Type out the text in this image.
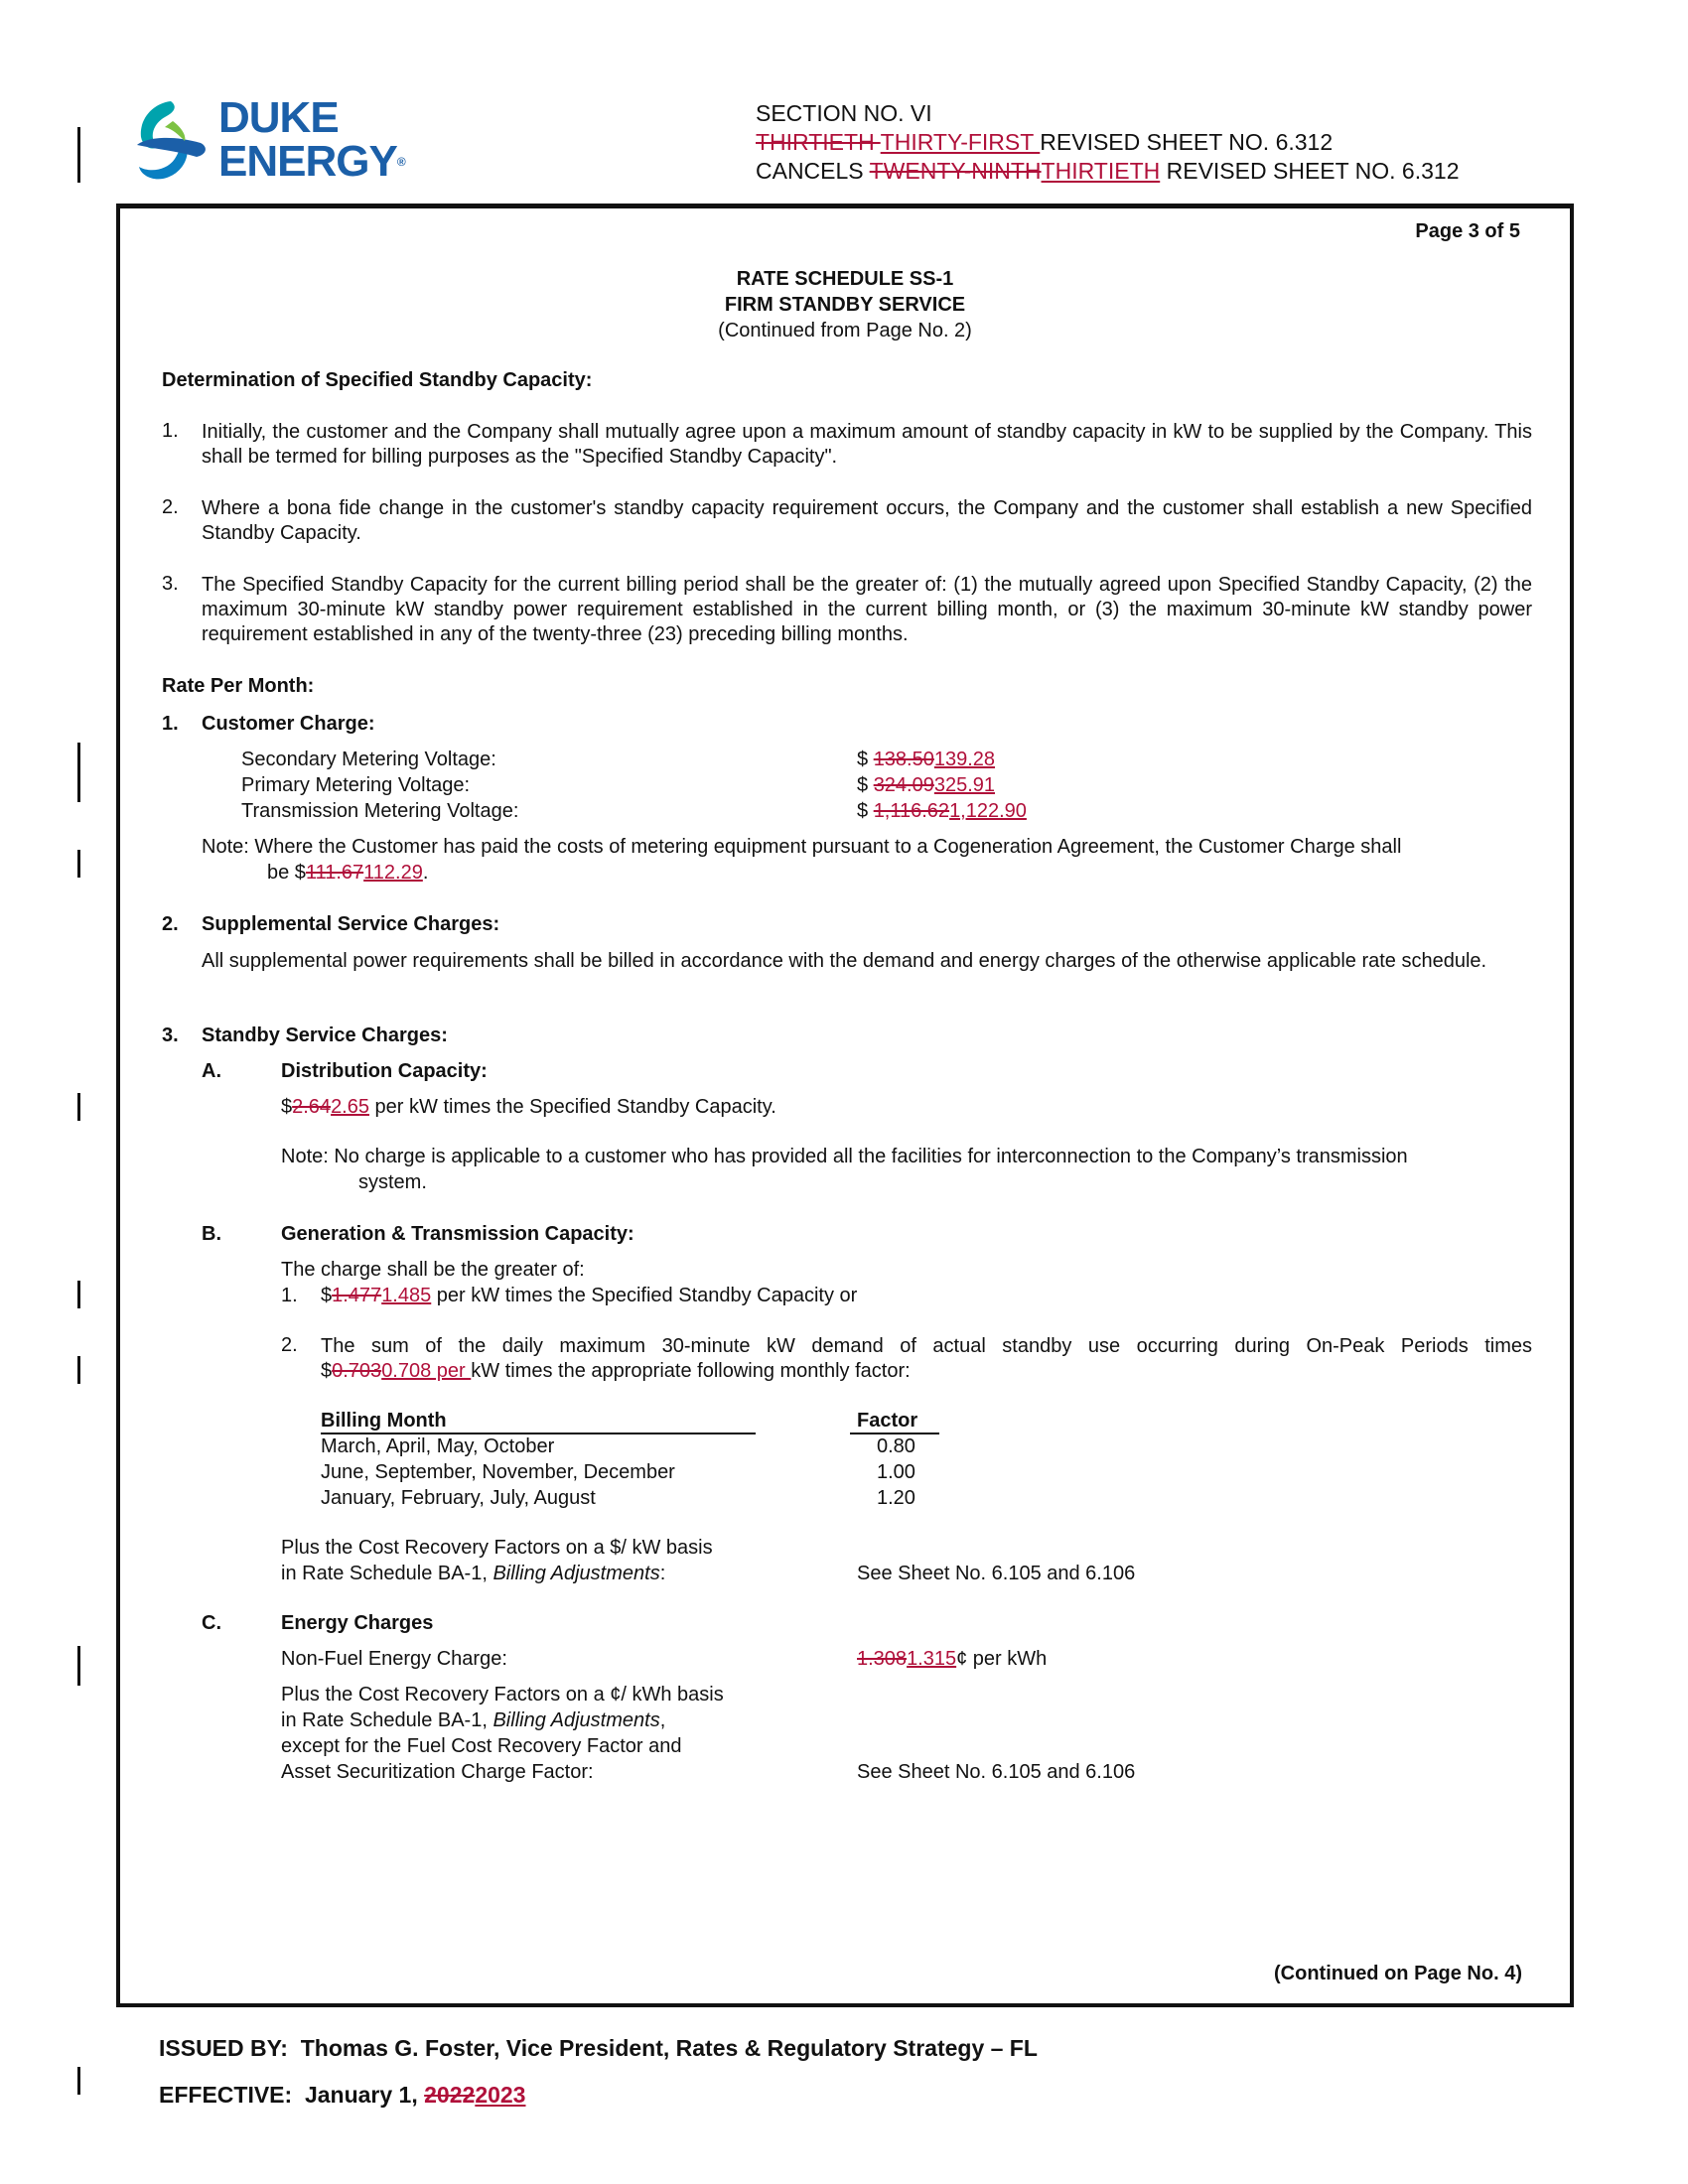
DUKE
ENERGY®
SECTION NO. VI
THIRTIETH THIRTY-FIRST REVISED SHEET NO. 6.312
CANCELS TWENTY-NINTHTHIRTIETH REVISED SHEET NO. 6.312
Page 3 of 5
RATE SCHEDULE SS-1
FIRM STANDBY SERVICE
(Continued from Page No. 2)
Determination of Specified Standby Capacity:
1. Initially, the customer and the Company shall mutually agree upon a maximum amount of standby capacity in kW to be supplied by the Company. This shall be termed for billing purposes as the "Specified Standby Capacity".

2. Where a bona fide change in the customer's standby capacity requirement occurs, the Company and the customer shall establish a new Specified Standby Capacity.

3. The Specified Standby Capacity for the current billing period shall be the greater of: (1) the mutually agreed upon Specified Standby Capacity, (2) the maximum 30-minute kW standby power requirement established in the current billing month, or (3) the maximum 30-minute kW standby power requirement established in any of the twenty-three (23) preceding billing months.

Rate Per Month:
1. Customer Charge:
Secondary Metering Voltage:	$ 138.50139.28
Primary Metering Voltage:	$ 324.09325.91
Transmission Metering Voltage:	$ 1,116.621,122.90
Note: Where the Customer has paid the costs of metering equipment pursuant to a Cogeneration Agreement, the Customer Charge shall
be $111.67112.29.
2. Supplemental Service Charges:

All supplemental power requirements shall be billed in accordance with the demand and energy charges of the otherwise applicable rate schedule.

3. Standby Service Charges:
A.	Distribution Capacity:
$2.642.65 per kW times the Specified Standby Capacity.
Note: No charge is applicable to a customer who has provided all the facilities for interconnection to the Company’s transmission
system.
B.	Generation & Transmission Capacity:
The charge shall be the greater of:
1. $1.4771.485 per kW times the Specified Standby Capacity or
2. The sum of the daily maximum 30-minute kW demand of actual standby use occurring during On-Peak Periods times

$0.7030.708 per kW times the appropriate following monthly factor:
Billing Month	Factor
March, April, May, October	0.80
June, September, November, December	1.00
January, February, July, August	1.20
Plus the Cost Recovery Factors on a $/ kW basis
in Rate Schedule BA-1, Billing Adjustments:	See Sheet No. 6.105 and 6.106
C.	Energy Charges
Non-Fuel Energy Charge:	1.3081.315¢ per kWh
Plus the Cost Recovery Factors on a ¢/ kWh basis
in Rate Schedule BA-1, Billing Adjustments,
except for the Fuel Cost Recovery Factor and
Asset Securitization Charge Factor:	See Sheet No. 6.105 and 6.106
(Continued on Page No. 4)
ISSUED BY: Thomas G. Foster, Vice President, Rates & Regulatory Strategy – FL
EFFECTIVE: January 1, 20222023
